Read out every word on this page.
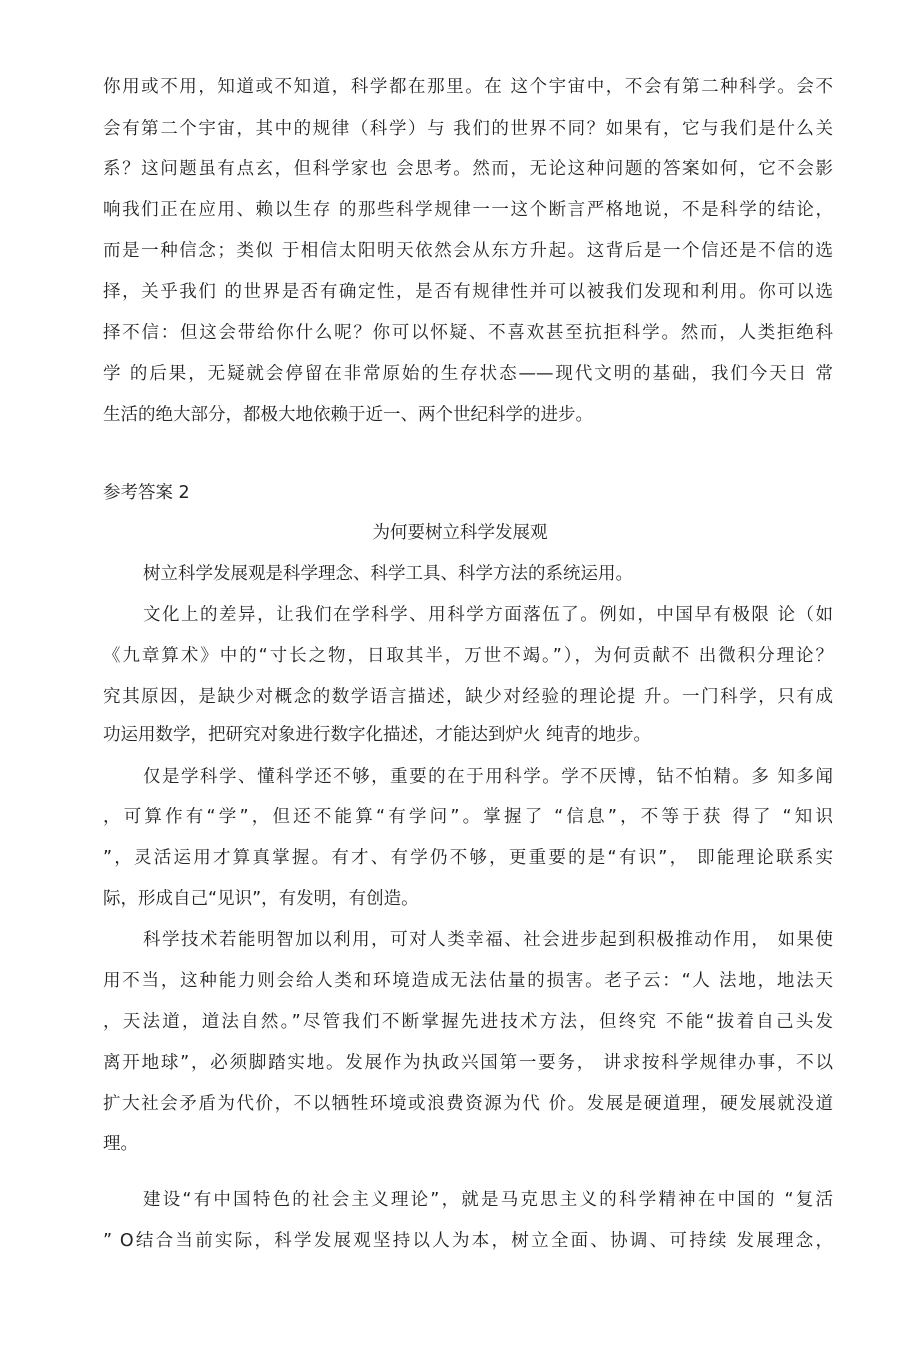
你用或不用，知道或不知道，科学都在那里。在 这个宇宙中，不会有第二种科学。会不
会有第二个宇宙，其中的规律（科学）与 我们的世界不同？如果有，它与我们是什么关
系？这问题虽有点玄，但科学家也 会思考。然而，无论这种问题的答案如何，它不会影
响我们正在应用、赖以生存 的那些科学规律一一这个断言严格地说，不是科学的结论，
而是一种信念；类似 于相信太阳明天依然会从东方升起。这背后是一个信还是不信的选
择，关乎我们 的世界是否有确定性，是否有规律性并可以被我们发现和利用。你可以选
择不信：但这会带给你什么呢？你可以怀疑、不喜欢甚至抗拒科学。然而，人类拒绝科
学 的后果，无疑就会停留在非常原始的生存状态——现代文明的基础，我们今天日 常
生活的绝大部分，都极大地依赖于近一、两个世纪科学的进步。
参考答案 2
为何要树立科学发展观
树立科学发展观是科学理念、科学工具、科学方法的系统运用。
文化上的差异，让我们在学科学、用科学方面落伍了。例如，中国早有极限 论（如
《九章算术》中的“寸长之物，日取其半，万世不竭。”），为何贡献不 出微积分理论？
究其原因，是缺少对概念的数学语言描述，缺少对经验的理论提 升。一门科学，只有成
功运用数学，把研究对象进行数字化描述，才能达到炉火 纯青的地步。
仅是学科学、懂科学还不够，重要的在于用科学。学不厌博，钻不怕精。多 知多闻
，可算作有“学”，但还不能算“有学问”。掌握了 “信息”，不等于获 得了 “知识
”，灵活运用才算真掌握。有才、有学仍不够，更重要的是“有识”， 即能理论联系实
际，形成自己“见识”，有发明，有创造。
科学技术若能明智加以利用，可对人类幸福、社会进步起到积极推动作用， 如果使
用不当，这种能力则会给人类和环境造成无法估量的损害。老子云：“人 法地，地法天
，天法道，道法自然。”尽管我们不断掌握先进技术方法，但终究 不能“拔着自己头发
离开地球”，必须脚踏实地。发展作为执政兴国第一要务， 讲求按科学规律办事，不以
扩大社会矛盾为代价，不以牺牲环境或浪费资源为代 价。发展是硬道理，硬发展就没道
理。
建设“有中国特色的社会主义理论”，就是马克思主义的科学精神在中国的 “复活
” O结合当前实际，科学发展观坚持以人为本，树立全面、协调、可持续 发展理念，
